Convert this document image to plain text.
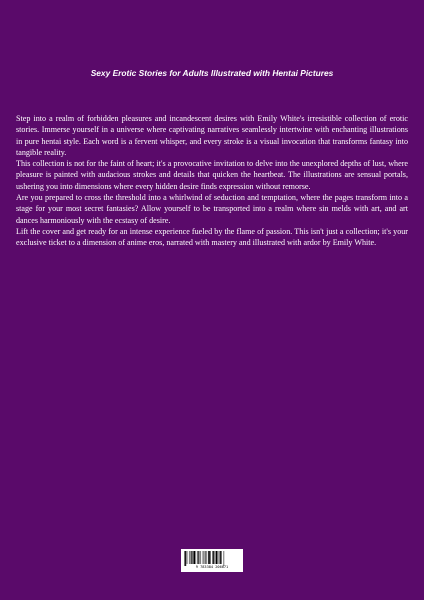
Sexy Erotic Stories for Adults Illustrated with Hentai Pictures

Step into a realm of forbidden pleasures and incandescent desires with Emily White's irresistible collection of erotic stories. Immerse yourself in a universe where captivating narratives seamlessly intertwine with enchanting illustrations in pure hentai style. Each word is a fervent whisper, and every stroke is a visual invocation that transforms fantasy into tangible reality.

This collection is not for the faint of heart; it's a provocative invitation to delve into the unexplored depths of lust, where pleasure is painted with audacious strokes and details that quicken the heartbeat. The illustrations are sensual portals, ushering you into dimensions where every hidden desire finds expression without remorse.

Are you prepared to cross the threshold into a whirlwind of seduction and temptation, where the pages transform into a stage for your most secret fantasies? Allow yourself to be transported into a realm where sin melds with art, and art dances harmoniously with the ecstasy of desire.

Lift the cover and get ready for an intense experience fueled by the flame of passion. This isn't just a collection; it's your exclusive ticket to a dimension of anime eros, narrated with mastery and illustrated with ardor by Emily White.

9 783384 206071
